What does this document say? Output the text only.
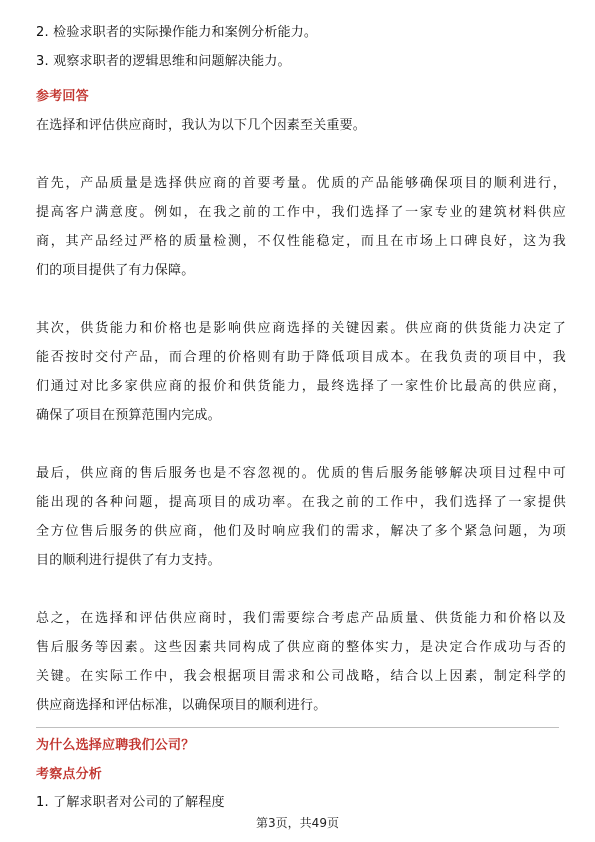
2. 检验求职者的实际操作能力和案例分析能力。
3. 观察求职者的逻辑思维和问题解决能力。
参考回答
在选择和评估供应商时，我认为以下几个因素至关重要。
首先，产品质量是选择供应商的首要考量。优质的产品能够确保项目的顺利进行，
提高客户满意度。例如，在我之前的工作中，我们选择了一家专业的建筑材料供应
商，其产品经过严格的质量检测，不仅性能稳定，而且在市场上口碑良好，这为我
们的项目提供了有力保障。
其次，供货能力和价格也是影响供应商选择的关键因素。供应商的供货能力决定了
能否按时交付产品，而合理的价格则有助于降低项目成本。在我负责的项目中，我
们通过对比多家供应商的报价和供货能力，最终选择了一家性价比最高的供应商，
确保了项目在预算范围内完成。
最后，供应商的售后服务也是不容忽视的。优质的售后服务能够解决项目过程中可
能出现的各种问题，提高项目的成功率。在我之前的工作中，我们选择了一家提供
全方位售后服务的供应商，他们及时响应我们的需求，解决了多个紧急问题，为项
目的顺利进行提供了有力支持。
总之，在选择和评估供应商时，我们需要综合考虑产品质量、供货能力和价格以及
售后服务等因素。这些因素共同构成了供应商的整体实力，是决定合作成功与否的
关键。在实际工作中，我会根据项目需求和公司战略，结合以上因素，制定科学的
供应商选择和评估标准，以确保项目的顺利进行。
为什么选择应聘我们公司？
考察点分析
1. 了解求职者对公司的了解程度
第3页，共49页
